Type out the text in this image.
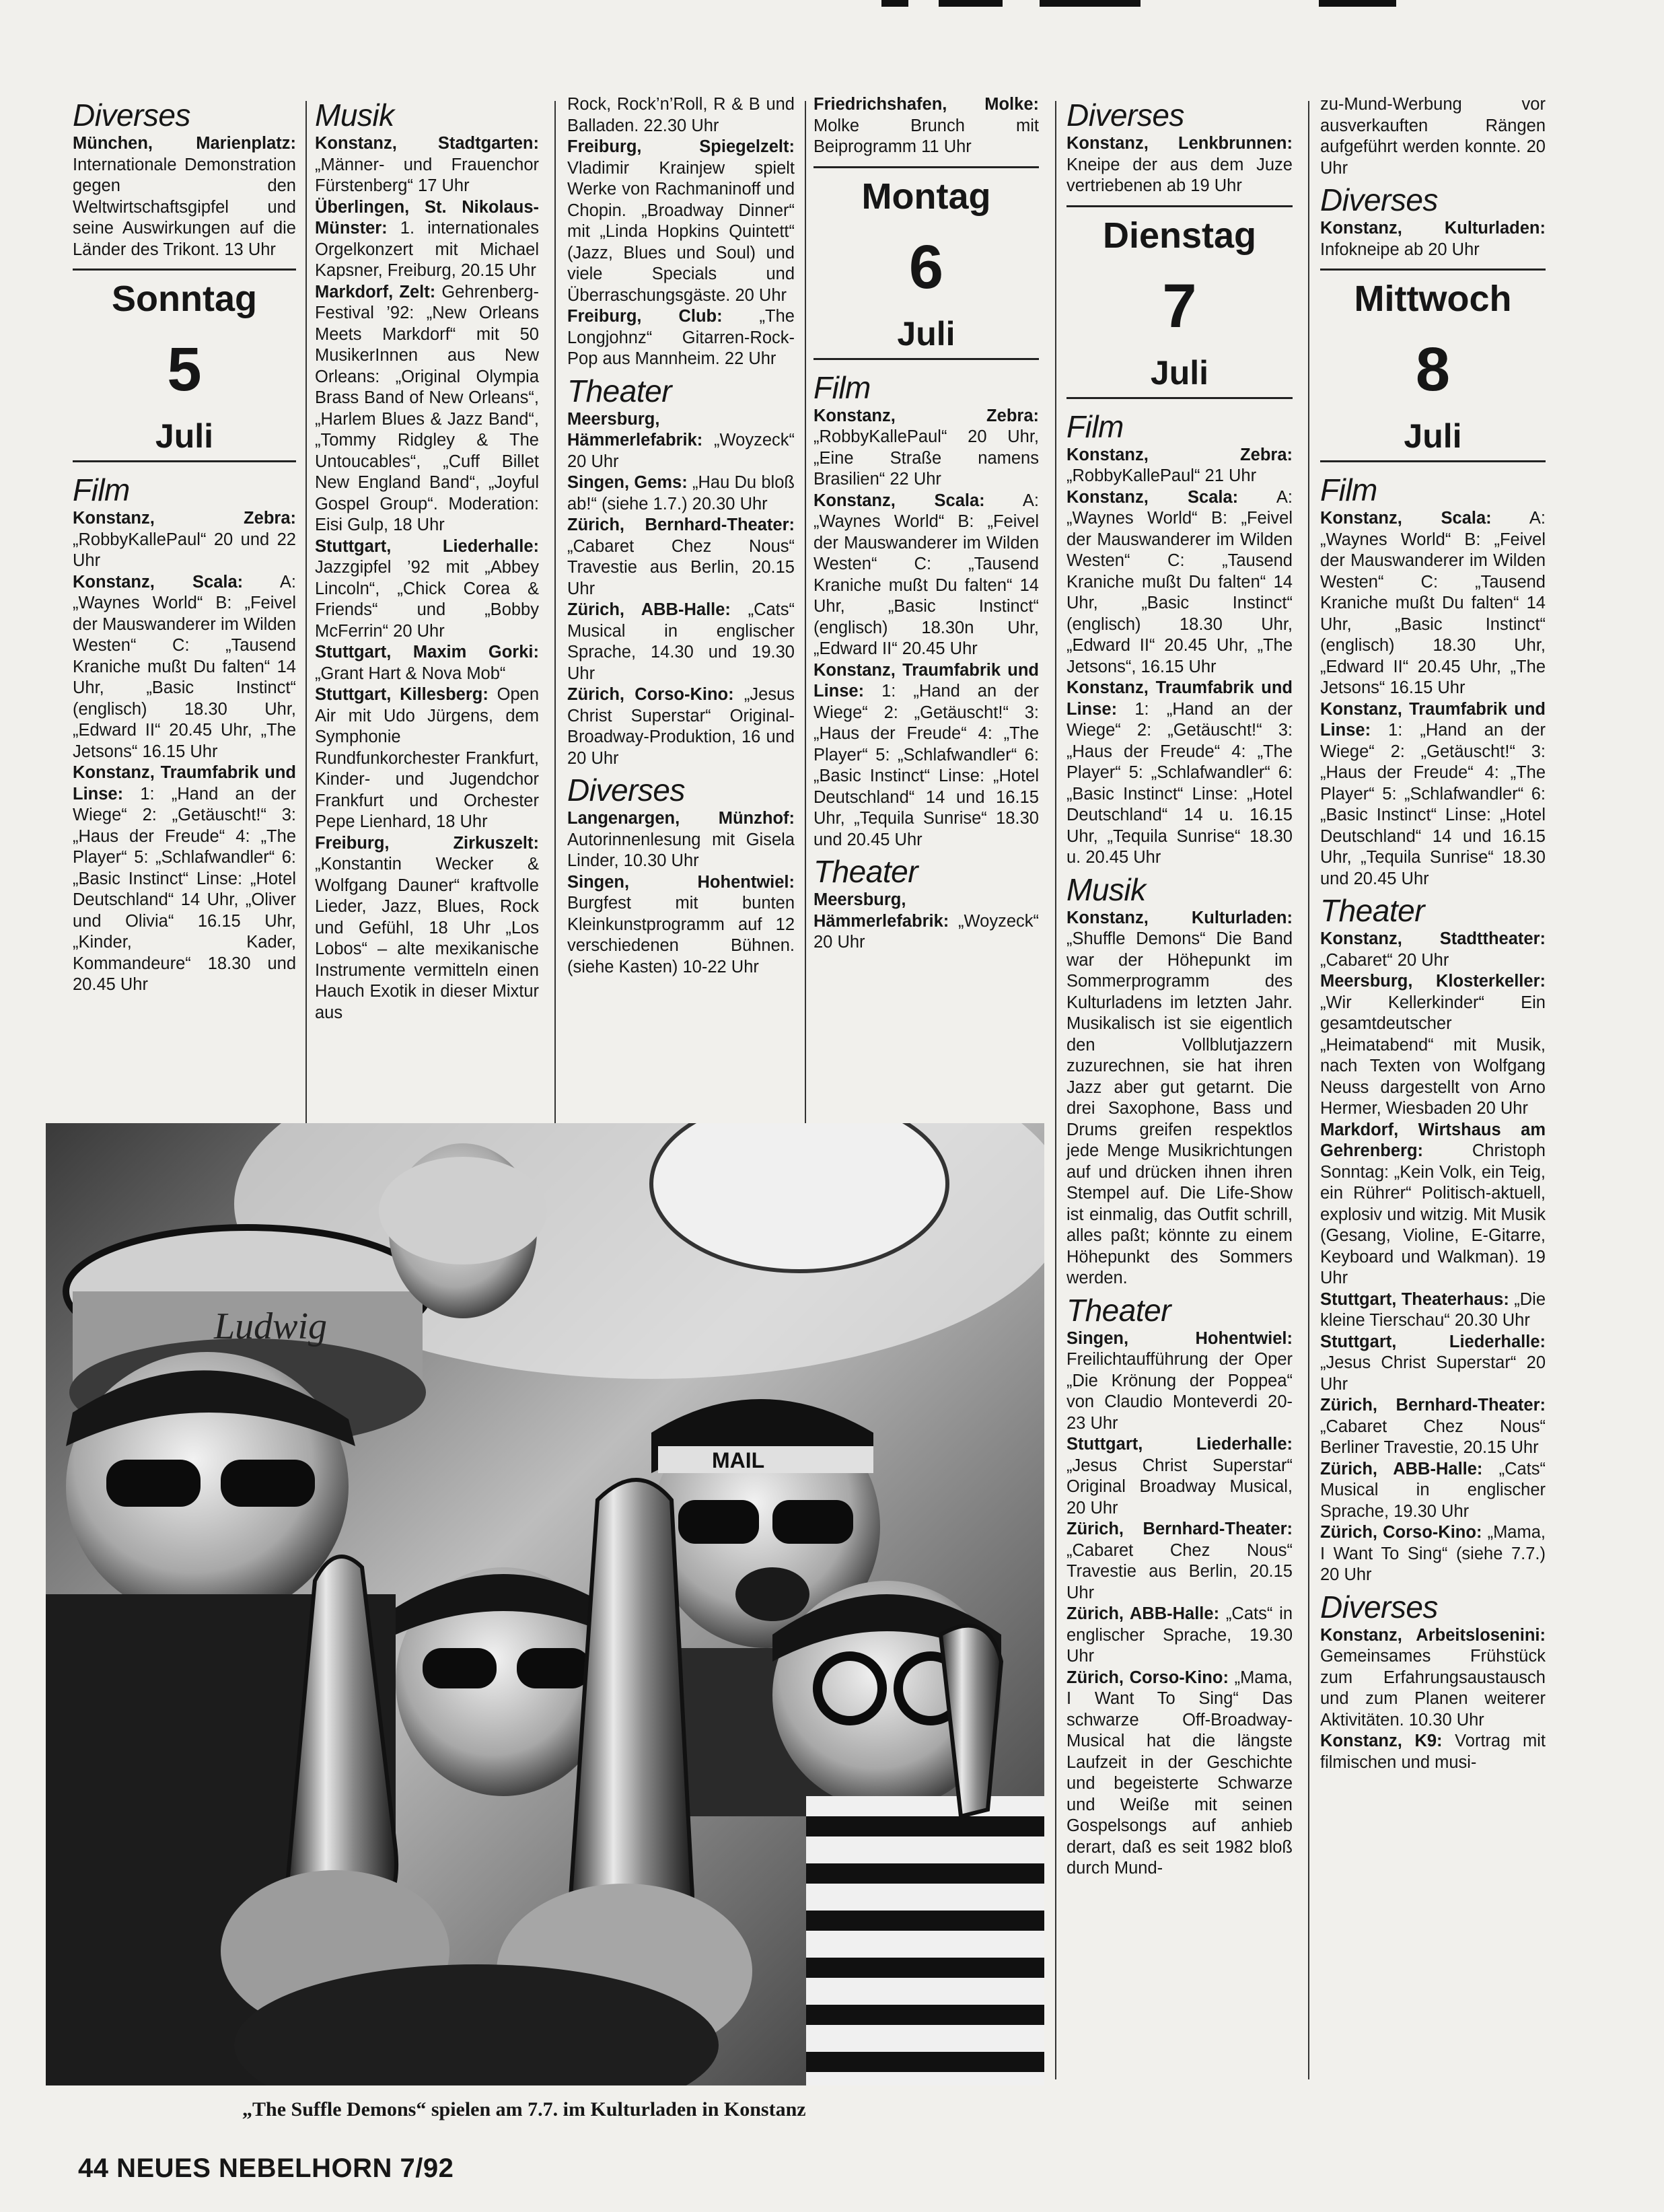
Diverses

München, Marienplatz: Internationale Demonstration gegen den Weltwirtschaftsgipfel und seine Auswirkungen auf die Länder des Trikont. 13 Uhr

Sonntag
5
Juli
Film

Konstanz, Zebra: „RobbyKallePaul“ 20 und 22 Uhr

Konstanz, Scala: A: „Waynes World“ B: „Feivel der Mauswanderer im Wilden Westen“ C: „Tausend Kraniche mußt Du falten“ 14 Uhr, „Basic Instinct“ (englisch) 18.30 Uhr, „Edward II“ 20.45 Uhr, „The Jetsons“ 16.15 Uhr

Konstanz, Traumfabrik und Linse: 1: „Hand an der Wiege“ 2: „Getäuscht!“ 3: „Haus der Freude“ 4: „The Player“ 5: „Schlafwandler“ 6: „Basic Instinct“ Linse: „Hotel Deutschland“ 14 Uhr, „Oliver und Olivia“ 16.15 Uhr, „Kinder, Kader, Kommandeure“ 18.30 und 20.45 Uhr

Musik

Konstanz, Stadtgarten: „Männer- und Frauenchor Fürstenberg“ 17 Uhr

Überlingen, St. Nikolaus-Münster: 1. internationales Orgelkonzert mit Michael Kapsner, Freiburg, 20.15 Uhr

Markdorf, Zelt: Gehrenberg-Festival ’92: „New Orleans Meets Markdorf“ mit 50 MusikerInnen aus New Orleans: „Original Olympia Brass Band of New Orleans“, „Harlem Blues & Jazz Band“, „Tommy Ridgley & The Untoucables“, „Cuff Billet New England Band“, „Joyful Gospel Group“. Moderation: Eisi Gulp, 18 Uhr

Stuttgart, Liederhalle: Jazzgipfel ’92 mit „Abbey Lincoln“, „Chick Corea & Friends“ und „Bobby McFerrin“ 20 Uhr

Stuttgart, Maxim Gorki: „Grant Hart & Nova Mob“

Stuttgart, Killesberg: Open Air mit Udo Jürgens, dem Symphonie Rundfunkorchester Frankfurt, Kinder- und Jugendchor Frankfurt und Orchester Pepe Lienhard, 18 Uhr

Freiburg, Zirkuszelt: „Konstantin Wecker & Wolfgang Dauner“ kraftvolle Lieder, Jazz, Blues, Rock und Gefühl, 18 Uhr „Los Lobos“ – alte mexikanische Instrumente vermitteln einen Hauch Exotik in dieser Mixtur aus

Rock, Rock’n’Roll, R & B und Balladen. 22.30 Uhr

Freiburg, Spiegelzelt: Vladimir Krainjew spielt Werke von Rachmaninoff und Chopin. „Broadway Dinner“ mit „Linda Hopkins Quintett“ (Jazz, Blues und Soul) und viele Specials und Überraschungsgäste. 20 Uhr

Freiburg, Club: „The Longjohnz“ Gitarren-Rock-Pop aus Mannheim. 22 Uhr

Theater

Meersburg, Hämmerlefabrik: „Woyzeck“ 20 Uhr

Singen, Gems: „Hau Du bloß ab!“ (siehe 1.7.) 20.30 Uhr

Zürich, Bernhard-Theater: „Cabaret Chez Nous“ Travestie aus Berlin, 20.15 Uhr

Zürich, ABB-Halle: „Cats“ Musical in englischer Sprache, 14.30 und 19.30 Uhr

Zürich, Corso-Kino: „Jesus Christ Superstar“ Original-Broadway-Produktion, 16 und 20 Uhr

Diverses

Langenargen, Münzhof: Autorinnenlesung mit Gisela Linder, 10.30 Uhr

Singen, Hohentwiel: Burgfest mit bunten Kleinkunstprogramm auf 12 verschiedenen Bühnen. (siehe Kasten) 10-22 Uhr

Friedrichshafen, Molke: Molke Brunch mit Beiprogramm 11 Uhr

Montag
6
Juli
Film

Konstanz, Zebra: „RobbyKallePaul“ 20 Uhr, „Eine Straße namens Brasilien“ 22 Uhr

Konstanz, Scala: A: „Waynes World“ B: „Feivel der Mauswanderer im Wilden Westen“ C: „Tausend Kraniche mußt Du falten“ 14 Uhr, „Basic Instinct“ (englisch) 18.30n Uhr, „Edward II“ 20.45 Uhr

Konstanz, Traumfabrik und Linse: 1: „Hand an der Wiege“ 2: „Getäuscht!“ 3: „Haus der Freude“ 4: „The Player“ 5: „Schlafwandler“ 6: „Basic Instinct“ Linse: „Hotel Deutschland“ 14 und 16.15 Uhr, „Tequila Sunrise“ 18.30 und 20.45 Uhr

Theater

Meersburg, Hämmerlefabrik: „Woyzeck“ 20 Uhr

Diverses

Konstanz, Lenkbrunnen: Kneipe der aus dem Juze vertriebenen ab 19 Uhr

Dienstag
7
Juli
Film

Konstanz, Zebra: „RobbyKallePaul“ 21 Uhr

Konstanz, Scala: A: „Waynes World“ B: „Feivel der Mauswanderer im Wilden Westen“ C: „Tausend Kraniche mußt Du falten“ 14 Uhr, „Basic Instinct“ (englisch) 18.30 Uhr, „Edward II“ 20.45 Uhr, „The Jetsons“, 16.15 Uhr

Konstanz, Traumfabrik und Linse: 1: „Hand an der Wiege“ 2: „Getäuscht!“ 3: „Haus der Freude“ 4: „The Player“ 5: „Schlafwandler“ 6: „Basic Instinct“ Linse: „Hotel Deutschland“ 14 u. 16.15 Uhr, „Tequila Sunrise“ 18.30 u. 20.45 Uhr

Musik

Konstanz, Kulturladen: „Shuffle Demons“ Die Band war der Höhepunkt im Sommerprogramm des Kulturladens im letzten Jahr. Musikalisch ist sie eigentlich den Vollblutjazzern zuzurechnen, sie hat ihren Jazz aber gut getarnt. Die drei Saxophone, Bass und Drums greifen respektlos jede Menge Musikrichtungen auf und drücken ihnen ihren Stempel auf. Die Life-Show ist einmalig, das Outfit schrill, alles paßt; könnte zu einem Höhepunkt des Sommers werden.

Theater

Singen, Hohentwiel: Freilichtaufführung der Oper „Die Krönung der Poppea“ von Claudio Monteverdi 20-23 Uhr

Stuttgart, Liederhalle: „Jesus Christ Superstar“ Original Broadway Musical, 20 Uhr

Zürich, Bernhard-Theater: „Cabaret Chez Nous“ Travestie aus Berlin, 20.15 Uhr

Zürich, ABB-Halle: „Cats“ in englischer Sprache, 19.30 Uhr

Zürich, Corso-Kino: „Mama, I Want To Sing“ Das schwarze Off-Broadway-Musical hat die längste Laufzeit in der Geschichte und begeisterte Schwarze und Weiße mit seinen Gospelsongs auf anhieb derart, daß es seit 1982 bloß durch Mund-

zu-Mund-Werbung vor ausverkauften Rängen aufgeführt werden konnte. 20 Uhr

Diverses

Konstanz, Kulturladen: Infokneipe ab 20 Uhr

Mittwoch
8
Juli
Film

Konstanz, Scala: A: „Waynes World“ B: „Feivel der Mauswanderer im Wilden Westen“ C: „Tausend Kraniche mußt Du falten“ 14 Uhr, „Basic Instinct“ (englisch) 18.30 Uhr, „Edward II“ 20.45 Uhr, „The Jetsons“ 16.15 Uhr

Konstanz, Traumfabrik und Linse: 1: „Hand an der Wiege“ 2: „Getäuscht!“ 3: „Haus der Freude“ 4: „The Player“ 5: „Schlafwandler“ 6: „Basic Instinct“ Linse: „Hotel Deutschland“ 14 und 16.15 Uhr, „Tequila Sunrise“ 18.30 und 20.45 Uhr

Theater

Konstanz, Stadttheater: „Cabaret“ 20 Uhr

Meersburg, Klosterkeller: „Wir Kellerkinder“ Ein gesamtdeutscher „Heimatabend“ mit Musik, nach Texten von Wolfgang Neuss dargestellt von Arno Hermer, Wiesbaden 20 Uhr

Markdorf, Wirtshaus am Gehrenberg: Christoph Sonntag: „Kein Volk, ein Teig, ein Rührer“ Politisch-aktuell, explosiv und witzig. Mit Musik (Gesang, Violine, E-Gitarre, Keyboard und Walkman). 19 Uhr

Stuttgart, Theaterhaus: „Die kleine Tierschau“ 20.30 Uhr

Stuttgart, Liederhalle: „Jesus Christ Superstar“ 20 Uhr

Zürich, Bernhard-Theater: „Cabaret Chez Nous“ Berliner Travestie, 20.15 Uhr

Zürich, ABB-Halle: „Cats“ Musical in englischer Sprache, 19.30 Uhr

Zürich, Corso-Kino: „Mama, I Want To Sing“ (siehe 7.7.) 20 Uhr

Diverses

Konstanz, Arbeitslosenini: Gemeinsames Frühstück zum Erfahrungsaustausch und zum Planen weiterer Aktivitäten. 10.30 Uhr

Konstanz, K9: Vortrag mit filmischen und musi-

Ludwig
MAIL
„The Suffle Demons“ spielen am 7.7. im Kulturladen in Konstanz
44 NEUES NEBELHORN 7/92
